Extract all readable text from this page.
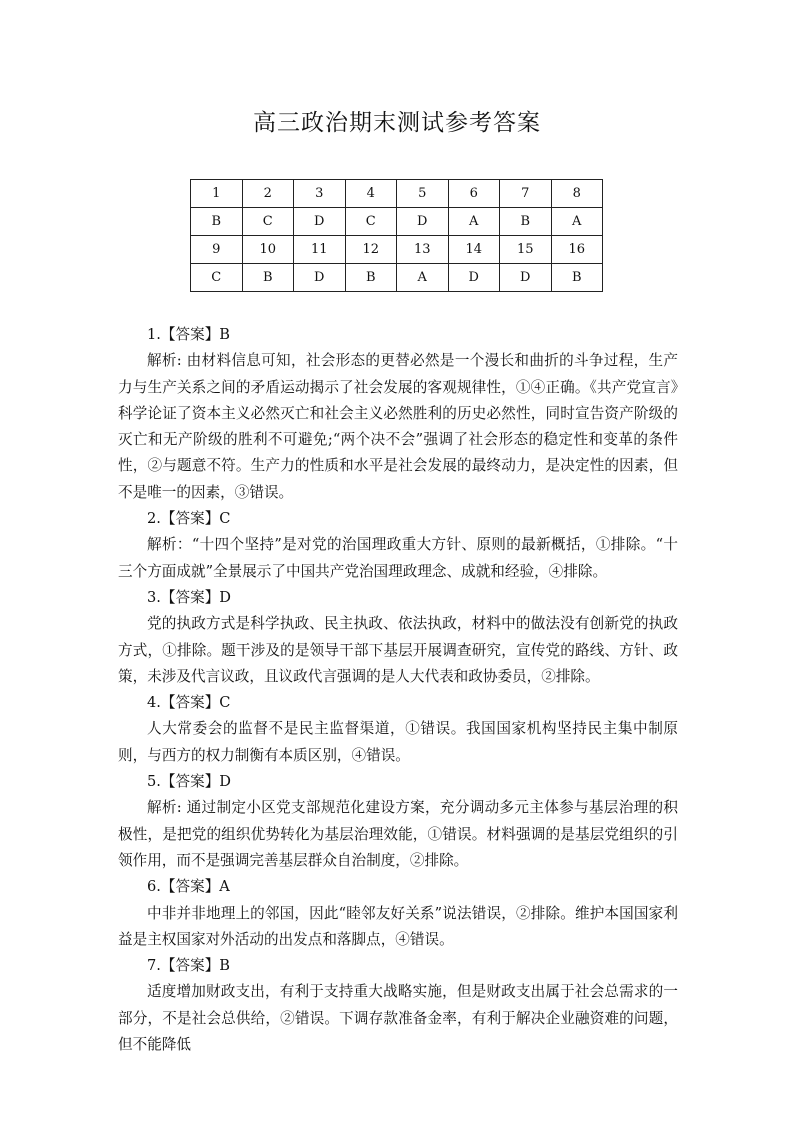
高三政治期末测试参考答案
1	2	3	4	5	6	7	8
B	C	D	C	D	A	B	A
9	10	11	12	13	14	15	16
C	B	D	B	A	D	D	B

1.【答案】B

解析: 由材料信息可知，社会形态的更替必然是一个漫长和曲折的斗争过程，生产力与生产关系之间的矛盾运动揭示了社会发展的客观规律性，①④正确。《共产党宣言》科学论证了资本主义必然灭亡和社会主义必然胜利的历史必然性，同时宣告资产阶级的灭亡和无产阶级的胜利不可避免;“两个决不会”强调了社会形态的稳定性和变革的条件性，②与题意不符。生产力的性质和水平是社会发展的最终动力，是决定性的因素，但不是唯一的因素，③错误。

2.【答案】C

解析：“十四个坚持”是对党的治国理政重大方针、原则的最新概括，①排除。“十三个方面成就”全景展示了中国共产党治国理政理念、成就和经验，④排除。

3.【答案】D

党的执政方式是科学执政、民主执政、依法执政，材料中的做法没有创新党的执政方式，①排除。题干涉及的是领导干部下基层开展调查研究，宣传党的路线、方针、政策，未涉及代言议政，且议政代言强调的是人大代表和政协委员，②排除。

4.【答案】C

人大常委会的监督不是民主监督渠道，①错误。我国国家机构坚持民主集中制原则，与西方的权力制衡有本质区别，④错误。

5.【答案】D

解析: 通过制定小区党支部规范化建设方案，充分调动多元主体参与基层治理的积极性，是把党的组织优势转化为基层治理效能，①错误。材料强调的是基层党组织的引领作用，而不是强调完善基层群众自治制度，②排除。

6.【答案】A

中非并非地理上的邻国，因此“睦邻友好关系”说法错误，②排除。维护本国国家利益是主权国家对外活动的出发点和落脚点，④错误。

7.【答案】B

适度增加财政支出，有利于支持重大战略实施，但是财政支出属于社会总需求的一部分，不是社会总供给，②错误。下调存款准备金率，有利于解决企业融资难的问题，但不能降低
